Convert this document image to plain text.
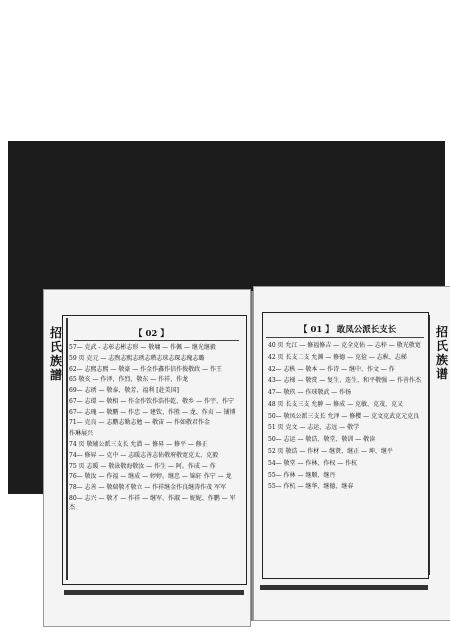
招氏族譜
【 02 】
57— 克武 - 志彰志彬志形 — 敬墉 — 作佩 — 继光继毅
59 页 克元 — 志煦志熙志琇志瓒志球志琛志瑰志璐
62— 志熙志熙 — 敬豪 — 作金作鑫作信作俊敬政 — 作王
65 敬亥 — 作泽、作烈、敬东 — 作祥、作龙
69— 志琇 — 敬泰、敬芳、福利 [赴美国]
67— 志璟 — 敬相 — 作金作钦作浩作乾、敬乡 — 作宇、作宁
67— 志瑰 — 敬鹏 — 作忠 — 建钦、作胜 — 龙、作贞 — 铺博
71— 克良 — 志鹏志勤志勉 — 敬宙 — 作如敬君作金
作琳展兴
74 页 敬辅公派三支长 允潜 — 修昇 — 修平 — 修正
74— 修昇 — 克中 — 志暖志善志佑敬府敬宽克太、克毅
75 页 志暖 — 敬泳敬海敬汝 — 作生 — 阿。作成 — 作
76— 敬汝 — 作福 — 继成 — 婷婷。继忠 — 锦轩 作宁 — 龙
78— 志善 — 敬瑞敬才敬立 — 作祥继金作良继涛作茂 军军
80— 志兴 — 敬才 — 作祥 — 继军、作淑 — 妮妮、作鹏 — 军杰
招氏族谱
【 01 】 敢凤公派长支长
40 页 允江 — 修福修吉 — 克全克佑 — 志梓 — 敬光敬宽
42 页 长支二支 允渊 — 修德 — 克俭 — 志枞、志梯
42— 志枞 — 敬本 — 作诗 — 继中、作文 — 作
43— 志梯 — 敬赏 — 复生、连生、和平敬强 — 作善作杰
47— 敬玖 — 作球敬武 — 作扬
48 页 长支三支 允翀 — 修成 — 克敏、克茂、克又
50— 敬凤公派三支长 允泽 — 修樱 — 克文克武克元克良
51 页 克文 — 志运、志远 — 敬学
50— 志运 — 敬诰、敬堂、敬训 — 敬读
52 页 敬诰 — 作材 — 继贤、继正 — 坤、继平
54— 敬堂 — 作林、作权 — 作杭
55— 作林 — 继顺、继丹
55— 作杭 — 继华、继德、继春
